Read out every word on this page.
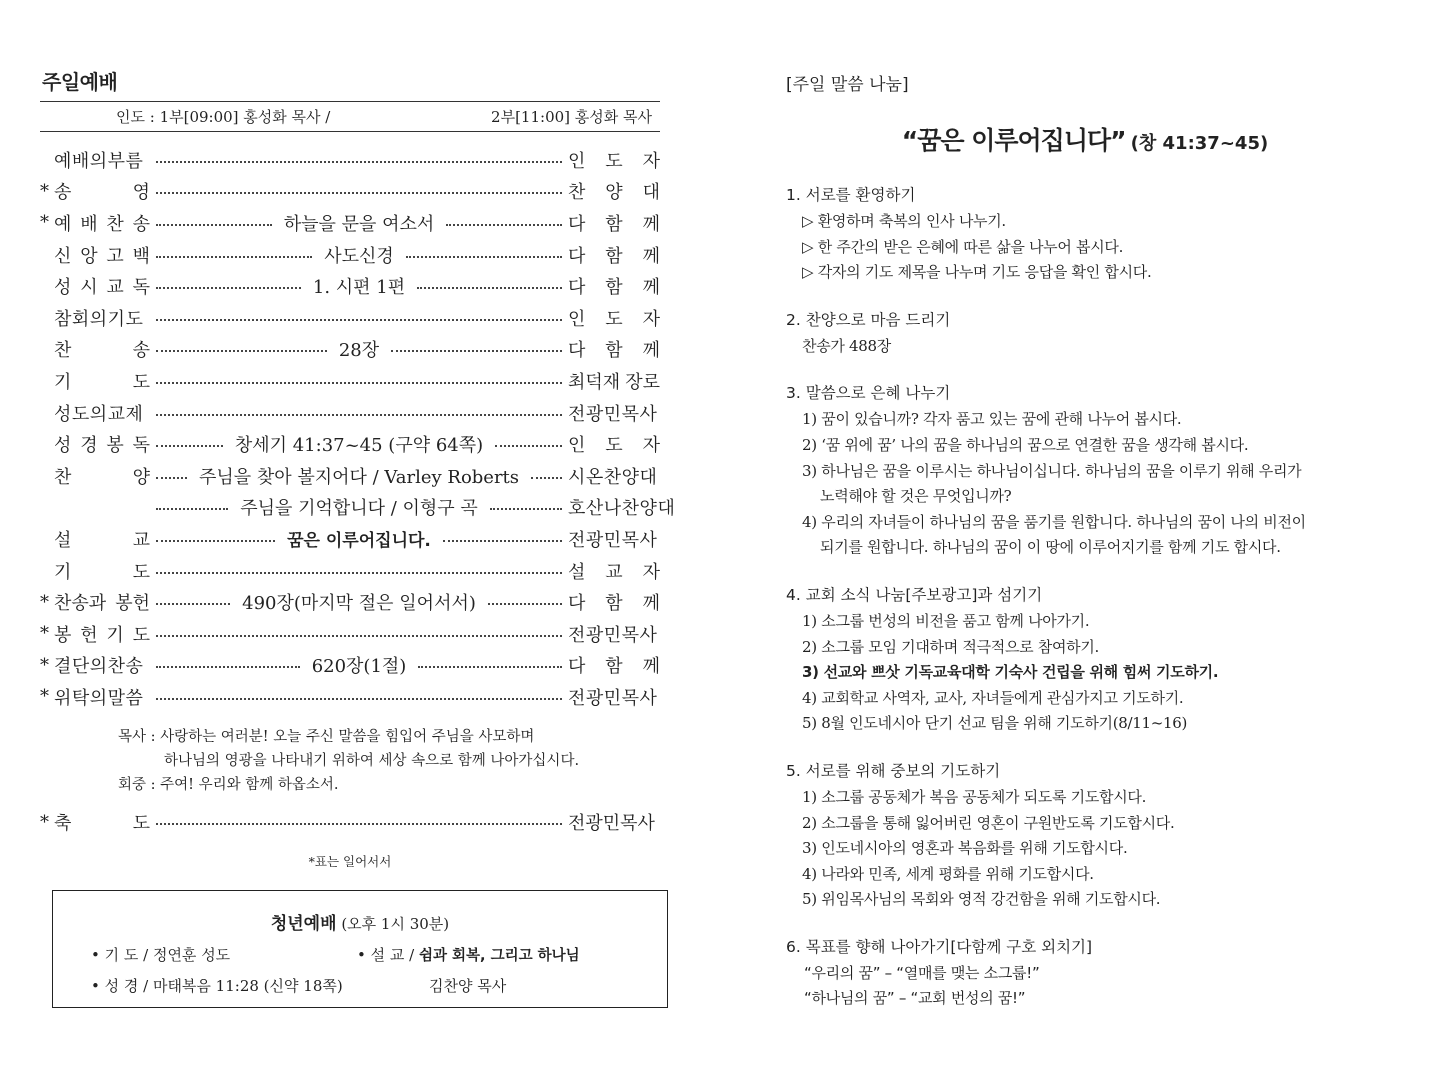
주일예배
인도 : 1부[09:00] 홍성화 목사 /	2부[11:00] 홍성화 목사
예배의부름	인 도 자
* 송	영	찬 양 대
* 예 배 찬 송	하늘을 문을 여소서	다 함 께
신 앙 고 백	사도신경	다 함 께
성 시 교 독	1. 시편 1편	다 함 께
참회의기도	인 도 자
찬	송	28장	다 함 께
기	도	최덕재 장로
성도의교제	전광민목사
성 경 봉 독	창세기 41:37~45 (구약 64쪽)	인 도 자
찬	양	주님을 찾아 볼지어다 / Varley Roberts	시온찬양대
주님을 기억합니다 / 이형구 곡	호산나찬양대
설	교	꿈은 이루어집니다.	전광민목사
기	도	설 교 자
* 찬송과 봉헌	490장(마지막 절은 일어서서)	다 함 께
* 봉 헌 기 도	전광민목사
* 결단의찬송	620장(1절)	다 함 께
* 위탁의말씀	전광민목사
목사 : 사랑하는 여러분! 오늘 주신 말씀을 힘입어 주님을 사모하며
하나님의 영광을 나타내기 위하여 세상 속으로 함께 나아가십시다.
회중 : 주여! 우리와 함께 하옵소서.
* 축	도	전광민목사
*표는 일어서서
청년예배 (오후 1시 30분)
• 기 도 / 정연훈 성도	• 설 교 / 쉼과 회복, 그리고 하나님
• 성 경 / 마태복음 11:28 (신약 18쪽)	김찬양 목사
[주일 말씀 나눔]
“꿈은 이루어집니다” (창 41:37~45)
1. 서로를 환영하기
▷ 환영하며 축복의 인사 나누기.
▷ 한 주간의 받은 은혜에 따른 삶을 나누어 봅시다.
▷ 각자의 기도 제목을 나누며 기도 응답을 확인 합시다.
2. 찬양으로 마음 드리기
찬송가 488장
3. 말씀으로 은혜 나누기
1) 꿈이 있습니까? 각자 품고 있는 꿈에 관해 나누어 봅시다.
2) ‘꿈 위에 꿈’ 나의 꿈을 하나님의 꿈으로 연결한 꿈을 생각해 봅시다.
3) 하나님은 꿈을 이루시는 하나님이십니다. 하나님의 꿈을 이루기 위해 우리가
노력해야 할 것은 무엇입니까?
4) 우리의 자녀들이 하나님의 꿈을 품기를 원합니다. 하나님의 꿈이 나의 비전이
되기를 원합니다. 하나님의 꿈이 이 땅에 이루어지기를 함께 기도 합시다.
4. 교회 소식 나눔[주보광고]과 섬기기
1) 소그룹 번성의 비전을 품고 함께 나아가기.
2) 소그룹 모임 기대하며 적극적으로 참여하기.
3) 선교와 쁘삿 기독교육대학 기숙사 건립을 위해 힘써 기도하기.
4) 교회학교 사역자, 교사, 자녀들에게 관심가지고 기도하기.
5) 8월 인도네시아 단기 선교 팀을 위해 기도하기(8/11~16)
5. 서로를 위해 중보의 기도하기
1) 소그룹 공동체가 복음 공동체가 되도록 기도합시다.
2) 소그룹을 통해 잃어버린 영혼이 구원반도록 기도합시다.
3) 인도네시아의 영혼과 복음화를 위해 기도합시다.
4) 나라와 민족, 세계 평화를 위해 기도합시다.
5) 위임목사님의 목회와 영적 강건함을 위해 기도합시다.
6. 목표를 향해 나아가기[다함께 구호 외치기]
“우리의 꿈” – “열매를 맺는 소그룹!”
“하나님의 꿈” – “교회 번성의 꿈!”
